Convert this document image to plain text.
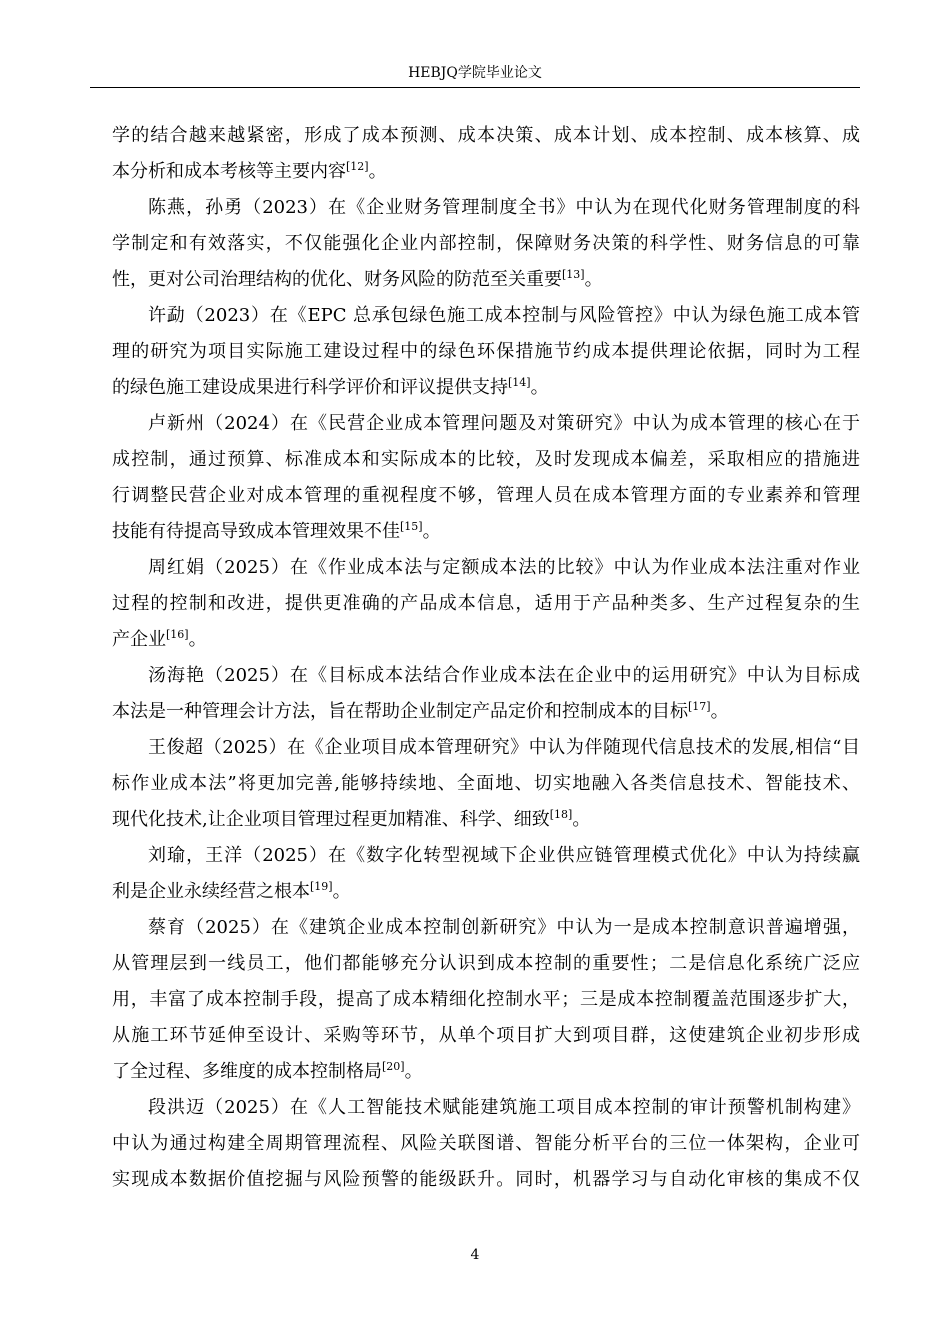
HEBJQ学院毕业论文
学的结合越来越紧密，形成了成本预测、成本决策、成本计划、成本控制、成本核算、成
本分析和成本考核等主要内容[12]。
陈燕，孙勇（2023）在《企业财务管理制度全书》中认为在现代化财务管理制度的科
学制定和有效落实，不仅能强化企业内部控制，保障财务决策的科学性、财务信息的可靠
性，更对公司治理结构的优化、财务风险的防范至关重要[13]。
许勐（2023）在《EPC 总承包绿色施工成本控制与风险管控》中认为绿色施工成本管
理的研究为项目实际施工建设过程中的绿色环保措施节约成本提供理论依据，同时为工程
的绿色施工建设成果进行科学评价和评议提供支持[14]。
卢新州（2024）在《民营企业成本管理问题及对策研究》中认为成本管理的核心在于
成控制，通过预算、标准成本和实际成本的比较，及时发现成本偏差，采取相应的措施进
行调整民营企业对成本管理的重视程度不够，管理人员在成本管理方面的专业素养和管理
技能有待提高导致成本管理效果不佳[15]。
周红娟（2025）在《作业成本法与定额成本法的比较》中认为作业成本法注重对作业
过程的控制和改进，提供更准确的产品成本信息，适用于产品种类多、生产过程复杂的生
产企业[16]。
汤海艳（2025）在《目标成本法结合作业成本法在企业中的运用研究》中认为目标成
本法是一种管理会计方法，旨在帮助企业制定产品定价和控制成本的目标[17]。
王俊超（2025）在《企业项目成本管理研究》中认为伴随现代信息技术的发展,相信“目
标作业成本法”将更加完善,能够持续地、全面地、切实地融入各类信息技术、智能技术、
现代化技术,让企业项目管理过程更加精准、科学、细致[18]。
刘瑜，王洋（2025）在《数字化转型视域下企业供应链管理模式优化》中认为持续赢
利是企业永续经营之根本[19]。
蔡育（2025）在《建筑企业成本控制创新研究》中认为一是成本控制意识普遍增强，
从管理层到一线员工，他们都能够充分认识到成本控制的重要性；二是信息化系统广泛应
用，丰富了成本控制手段，提高了成本精细化控制水平；三是成本控制覆盖范围逐步扩大，
从施工环节延伸至设计、采购等环节，从单个项目扩大到项目群，这使建筑企业初步形成
了全过程、多维度的成本控制格局[20]。
段洪迈（2025）在《人工智能技术赋能建筑施工项目成本控制的审计预警机制构建》
中认为通过构建全周期管理流程、风险关联图谱、智能分析平台的三位一体架构，企业可
实现成本数据价值挖掘与风险预警的能级跃升。同时，机器学习与自动化审核的集成不仅
4
